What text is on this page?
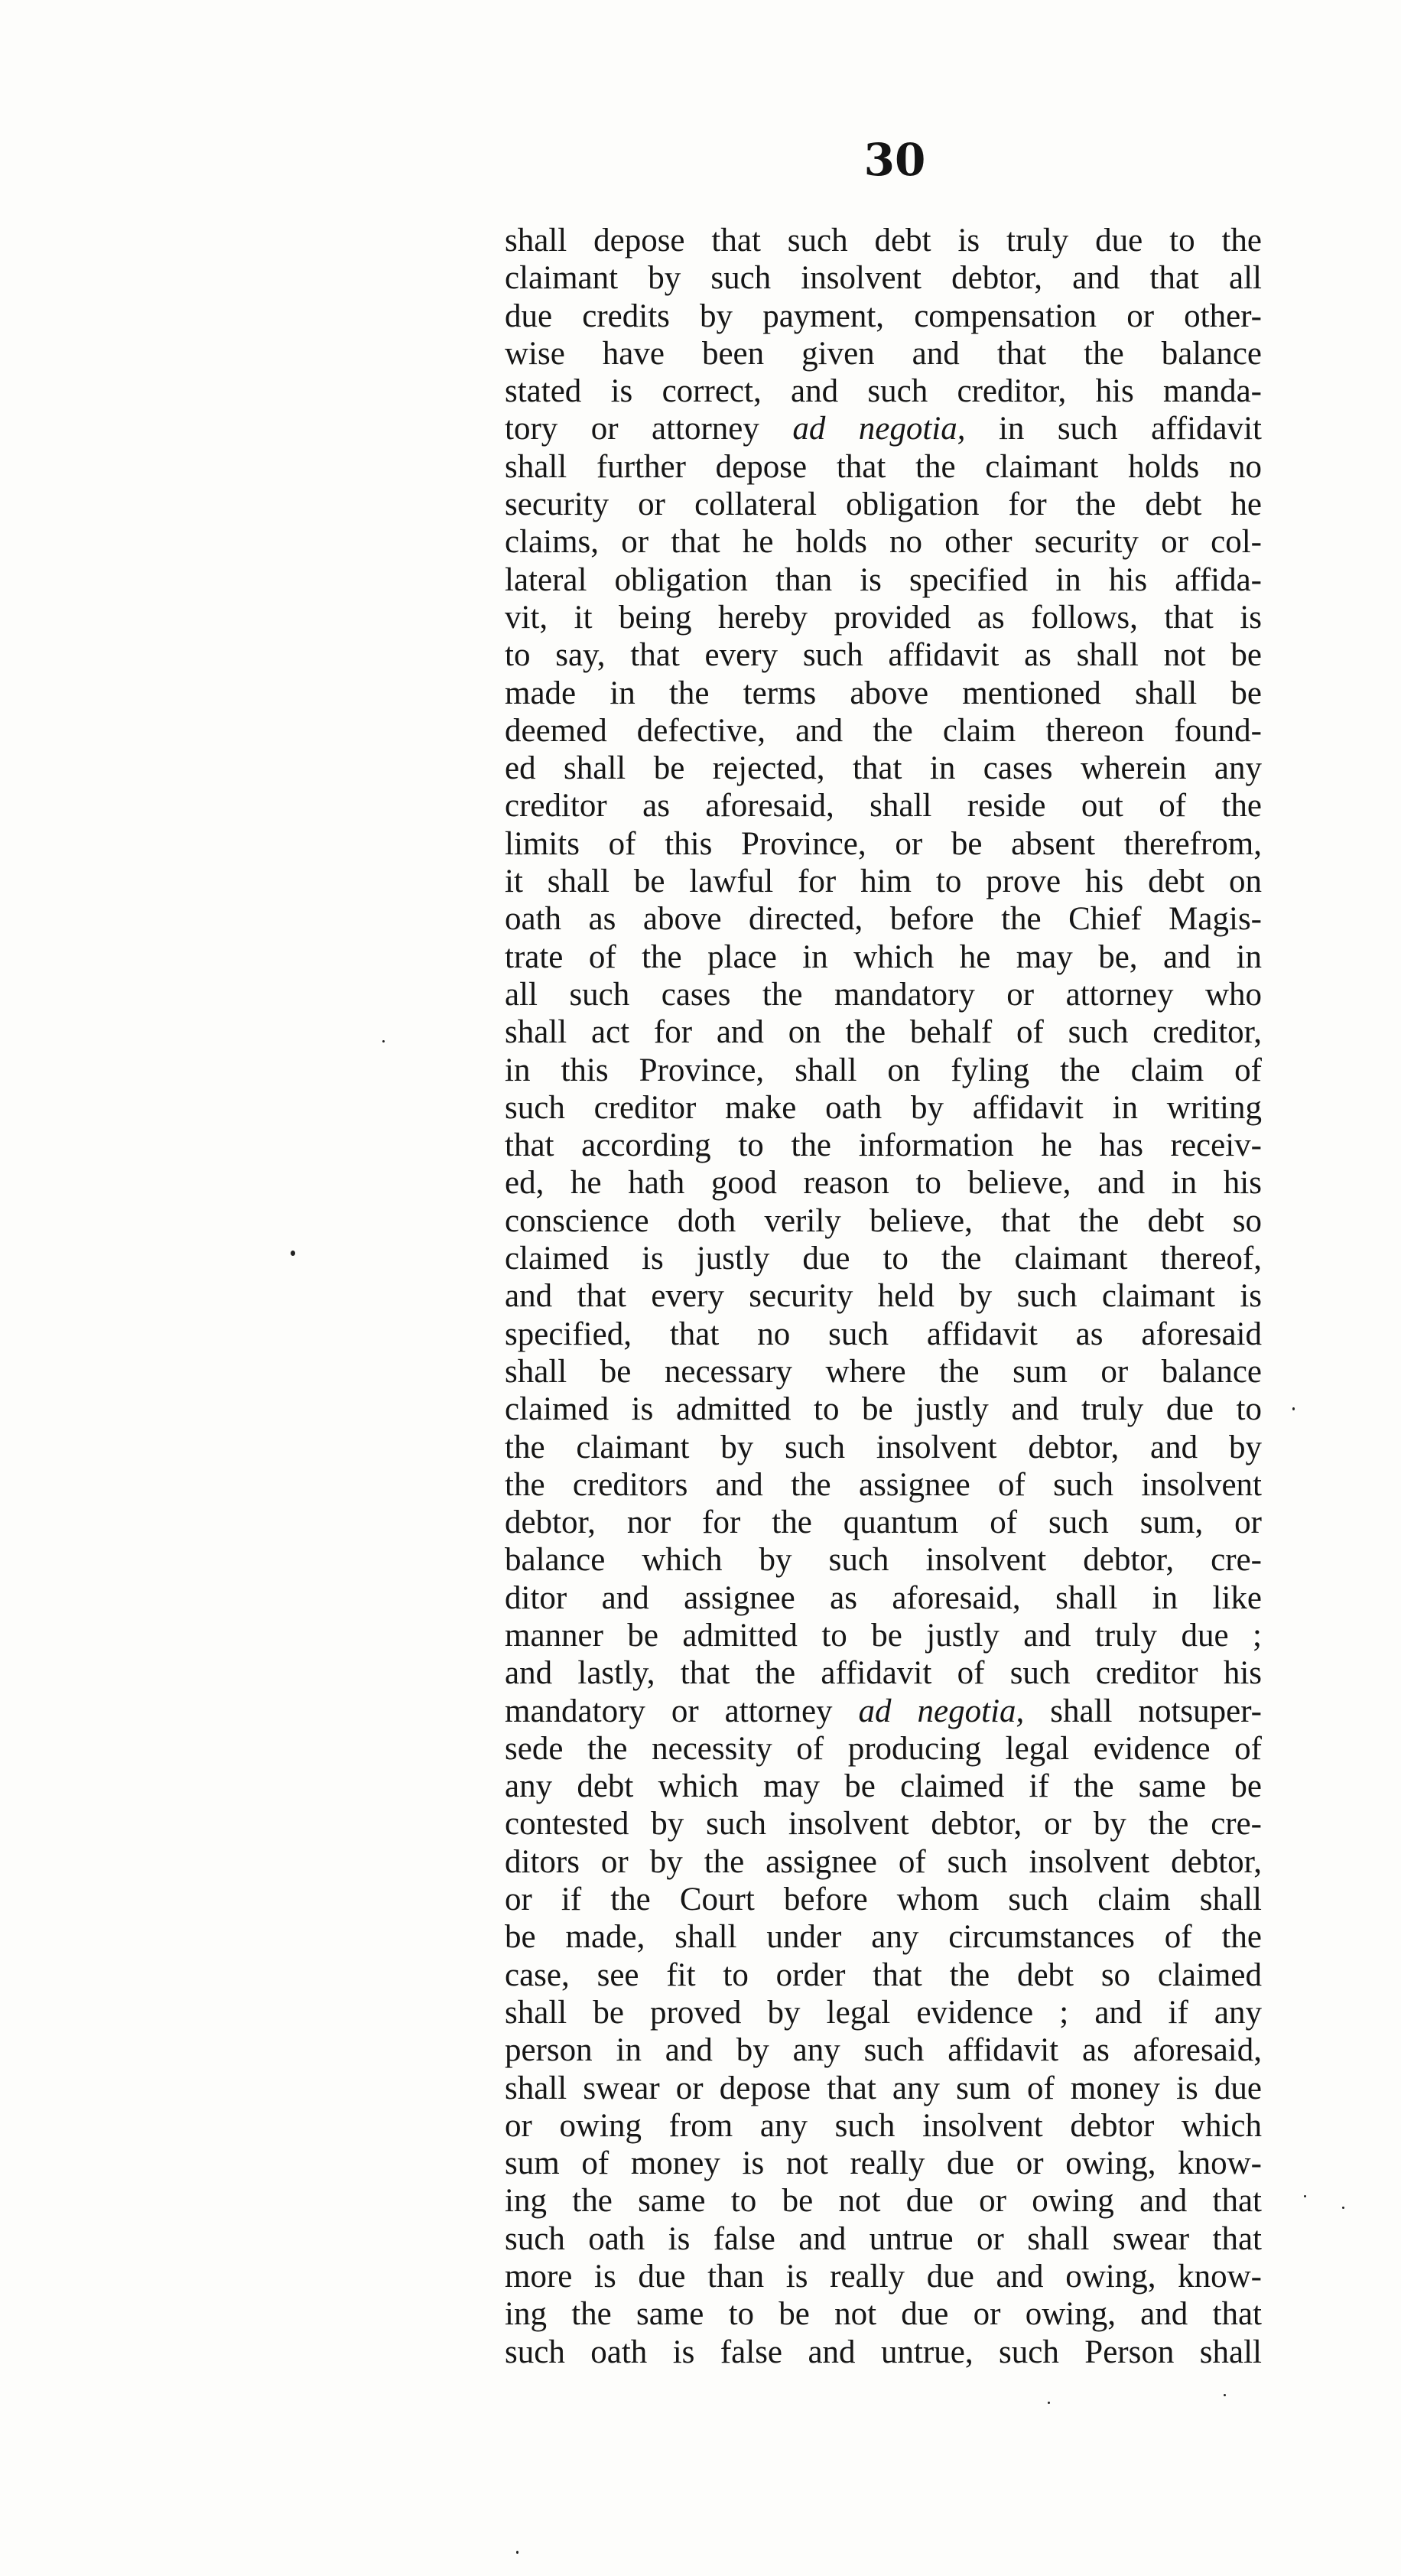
30
shall depose that such debt is truly due to the
claimant by such insolvent debtor, and that all
due credits by payment, compensation or other-
wise have been given and that the balance
stated is correct, and such creditor, his manda-
tory or attorney ad negotia, in such affidavit
shall further depose that the claimant holds no
security or collateral obligation for the debt he
claims, or that he holds no other security or col-
lateral obligation than is specified in his affida-
vit, it being hereby provided as follows, that is
to say, that every such affidavit as shall not be
made in the terms above mentioned shall be
deemed defective, and the claim thereon found-
ed shall be rejected, that in cases wherein any
creditor as aforesaid, shall reside out of the
limits of this Province, or be absent therefrom,
it shall be lawful for him to prove his debt on
oath as above directed, before the Chief Magis-
trate of the place in which he may be, and in
all such cases the mandatory or attorney who
shall act for and on the behalf of such creditor,
in this Province, shall on fyling the claim of
such creditor make oath by affidavit in writing
that according to the information he has receiv-
ed, he hath good reason to believe, and in his
conscience doth verily believe, that the debt so
claimed is justly due to the claimant thereof,
and that every security held by such claimant is
specified, that no such affidavit as aforesaid
shall be necessary where the sum or balance
claimed is admitted to be justly and truly due to
the claimant by such insolvent debtor, and by
the creditors and the assignee of such insolvent
debtor, nor for the quantum of such sum, or
balance which by such insolvent debtor, cre-
ditor and assignee as aforesaid, shall in like
manner be admitted to be justly and truly due ;
and lastly, that the affidavit of such creditor his
mandatory or attorney ad negotia, shall notsuper-
sede the necessity of producing legal evidence of
any debt which may be claimed if the same be
contested by such insolvent debtor, or by the cre-
ditors or by the assignee of such insolvent debtor,
or if the Court before whom such claim shall
be made, shall under any circumstances of the
case, see fit to order that the debt so claimed
shall be proved by legal evidence ; and if any
person in and by any such affidavit as aforesaid,
shall swear or depose that any sum of money is due
or owing from any such insolvent debtor which
sum of money is not really due or owing, know-
ing the same to be not due or owing and that
such oath is false and untrue or shall swear that
more is due than is really due and owing, know-
ing the same to be not due or owing, and that
such oath is false and untrue, such Person shall
